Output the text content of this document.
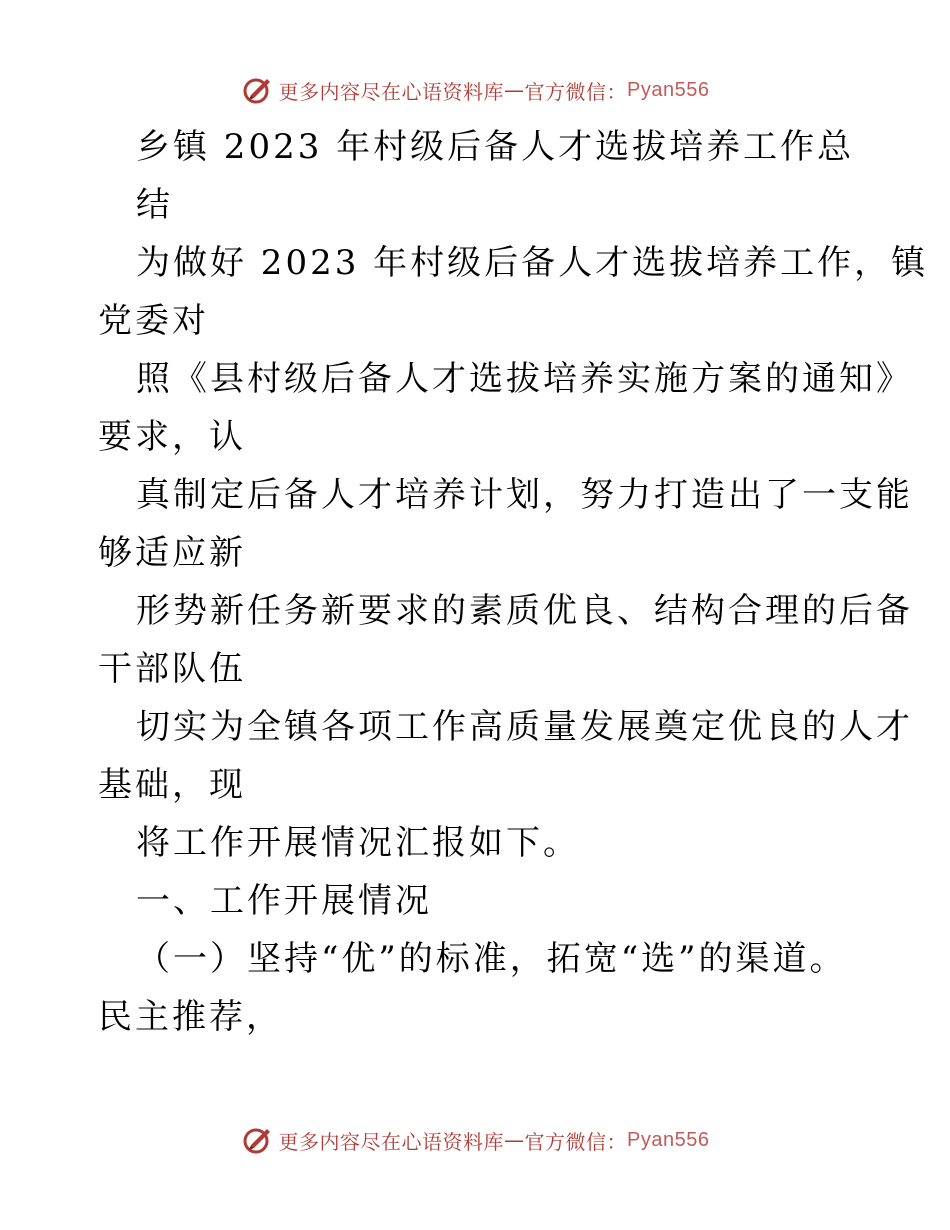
更多内容尽在心语资料库 — 官方微信： Pyan556
乡镇 2023 年村级后备人才选拔培养工作总
结
为做好 2023 年村级后备人才选拔培养工作，镇
党委对
照《县村级后备人才选拔培养实施方案的通知》
要求，认
真制定后备人才培养计划，努力打造出了一支能
够适应新
形势新任务新要求的素质优良、结构合理的后备
干部队伍
切实为全镇各项工作高质量发展奠定优良的人才
基础，现
将工作开展情况汇报如下。
一、工作开展情况
（一）坚持“优”的标准，拓宽“选”的渠道。
民主推荐，
更多内容尽在心语资料库 — 官方微信： Pyan556
